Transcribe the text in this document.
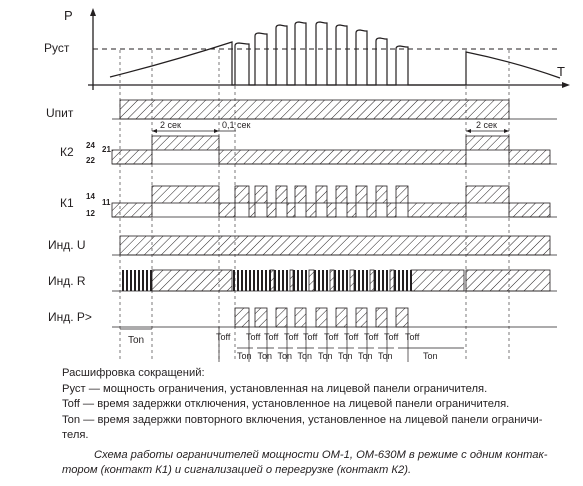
P
T
Pуст
Uпит
К2 24 21
22
К1 14
11
12
Инд. U
Инд. R
Инд. P>
2 сек	0,1 сек	2 сек
Ton	Toff Toff Toff Toff Toff Toff Toff Toff Toff Toff
Ton Ton Ton Ton Ton Ton Ton Ton	Ton
Расшифровка сокращений:
Руст — мощность ограничения, установленная на лицевой панели ограничителя.
Toff — время задержки отключения, установленное на лицевой панели ограничителя.
Ton — время задержки повторного включения, установленное на лицевой панели ограничи-теля.
Схема работы ограничителей мощности ОМ-1, ОМ-630М в режиме с одним контак-тором (контакт К1) и сигнализацией о перегрузке (контакт К2).
